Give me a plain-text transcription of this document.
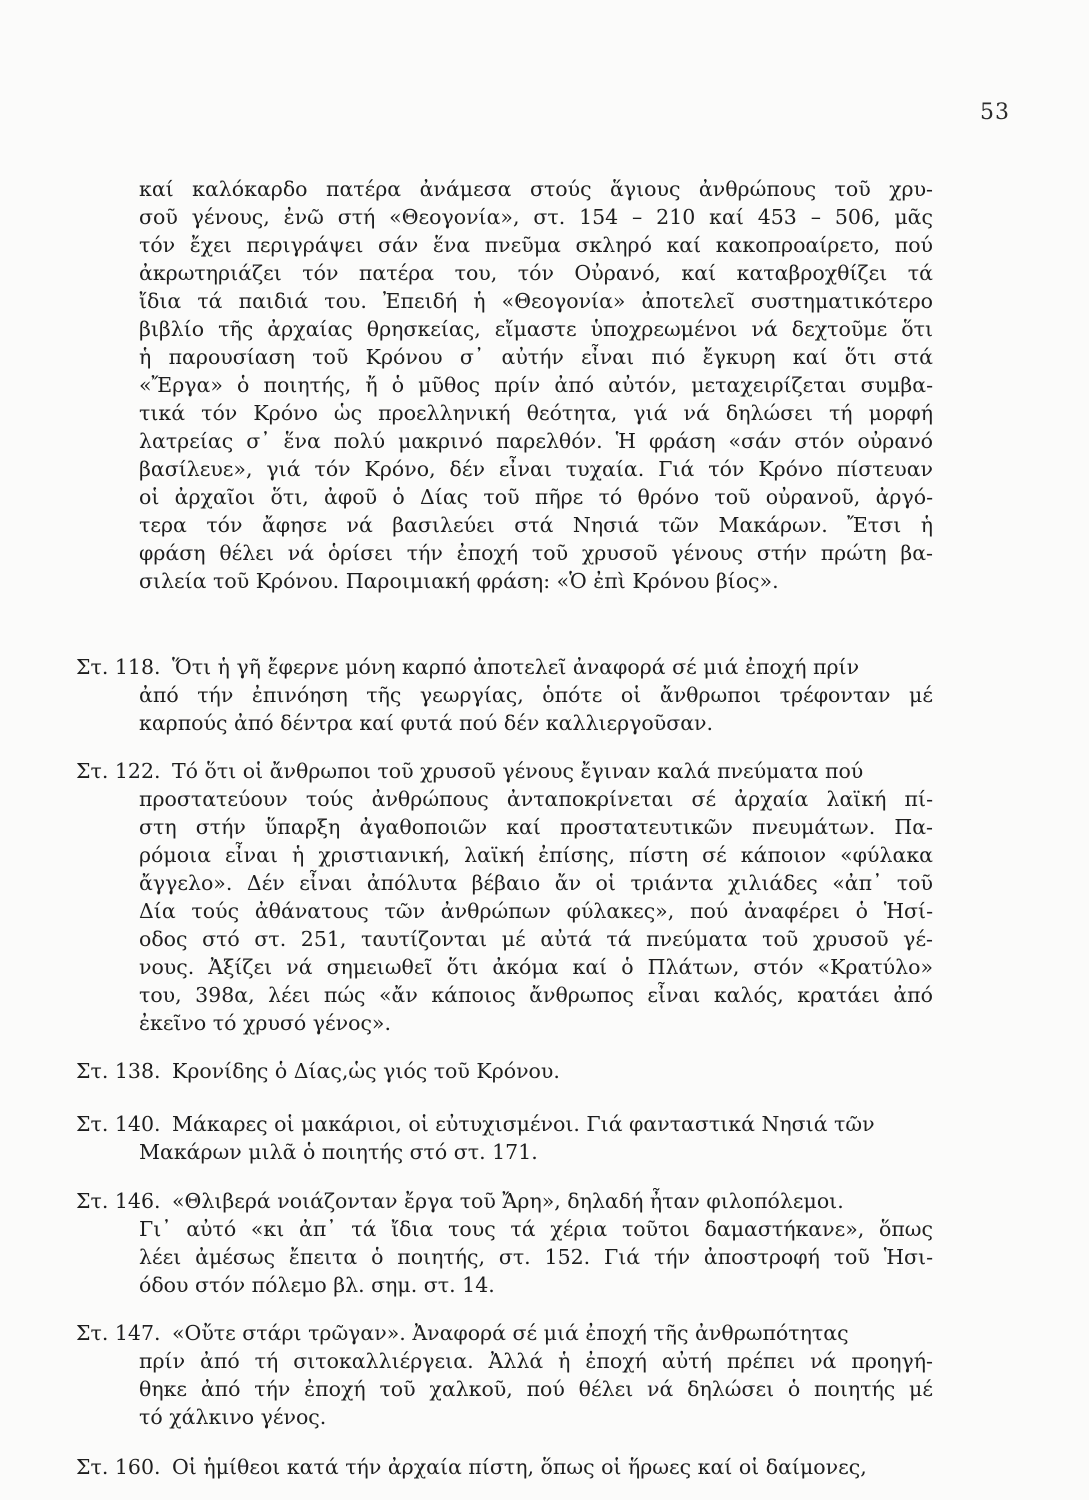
53
καί καλόκαρδο πατέρα ἀνάμεσα στούς ἅγιους ἀνθρώπους τοῦ χρυ-
σοῦ γένους, ἐνῶ στή «Θεογονία», στ. 154 – 210 καί 453 – 506, μᾶς
τόν ἔχει περιγράψει σάν ἕνα πνεῦμα σκληρό καί κακοπροαίρετο, πού
ἀκρωτηριάζει τόν πατέρα του, τόν Οὐρανό, καί καταβροχθίζει τά
ἴδια τά παιδιά του. Ἐπειδή ἡ «Θεογονία» ἀποτελεῖ συστηματικότερο
βιβλίο τῆς ἀρχαίας θρησκείας, εἴμαστε ὑποχρεωμένοι νά δεχτοῦμε ὅτι
ἡ παρουσίαση τοῦ Κρόνου σ᾽ αὐτήν εἶναι πιό ἔγκυρη καί ὅτι στά
«Ἔργα» ὁ ποιητής, ἤ ὁ μῦθος πρίν ἀπό αὐτόν, μεταχειρίζεται συμβα-
τικά τόν Κρόνο ὡς προελληνική θεότητα, γιά νά δηλώσει τή μορφή
λατρείας σ᾽ ἕνα πολύ μακρινό παρελθόν. Ἡ φράση «σάν στόν οὐρανό
βασίλευε», γιά τόν Κρόνο, δέν εἶναι τυχαία. Γιά τόν Κρόνο πίστευαν
οἱ ἀρχαῖοι ὅτι, ἀφοῦ ὁ Δίας τοῦ πῆρε τό θρόνο τοῦ οὐρανοῦ, ἀργό-
τερα τόν ἄφησε νά βασιλεύει στά Νησιά τῶν Μακάρων. Ἔτσι ἡ
φράση θέλει νά ὁρίσει τήν ἐποχή τοῦ χρυσοῦ γένους στήν πρώτη βα-
σιλεία τοῦ Κρόνου. Παροιμιακή φράση: «Ὁ ἐπὶ Κρόνου βίος».
Στ. 118. Ὅτι ἡ γῆ ἔφερνε μόνη καρπό ἀποτελεῖ ἀναφορά σέ μιά ἐποχή πρίν
ἀπό τήν ἐπινόηση τῆς γεωργίας, ὁπότε οἱ ἄνθρωποι τρέφονταν μέ
καρπούς ἀπό δέντρα καί φυτά πού δέν καλλιεργοῦσαν.
Στ. 122. Τό ὅτι οἱ ἄνθρωποι τοῦ χρυσοῦ γένους ἔγιναν καλά πνεύματα πού
προστατεύουν τούς ἀνθρώπους ἀνταποκρίνεται σέ ἀρχαία λαϊκή πί-
στη στήν ὕπαρξη ἀγαθοποιῶν καί προστατευτικῶν πνευμάτων. Πα-
ρόμοια εἶναι ἡ χριστιανική, λαϊκή ἐπίσης, πίστη σέ κάποιον «φύλακα
ἄγγελο». Δέν εἶναι ἀπόλυτα βέβαιο ἄν οἱ τριάντα χιλιάδες «ἀπ᾽ τοῦ
Δία τούς ἀθάνατους τῶν ἀνθρώπων φύλακες», πού ἀναφέρει ὁ Ἡσί-
οδος στό στ. 251, ταυτίζονται μέ αὐτά τά πνεύματα τοῦ χρυσοῦ γέ-
νους. Ἀξίζει νά σημειωθεῖ ὅτι ἀκόμα καί ὁ Πλάτων, στόν «Κρατύλο»
του, 398α, λέει πώς «ἄν κάποιος ἄνθρωπος εἶναι καλός, κρατάει ἀπό
ἐκεῖνο τό χρυσό γένος».
Στ. 138. Κρονίδης ὁ Δίας,ὡς γιός τοῦ Κρόνου.
Στ. 140. Μάκαρες οἱ μακάριοι, οἱ εὐτυχισμένοι. Γιά φανταστικά Νησιά τῶν
Μακάρων μιλᾶ ὁ ποιητής στό στ. 171.
Στ. 146. «Θλιβερά νοιάζονταν ἔργα τοῦ Ἄρη», δηλαδή ἦταν φιλοπόλεμοι.
Γι᾽ αὐτό «κι ἀπ᾽ τά ἴδια τους τά χέρια τοῦτοι δαμαστήκανε», ὅπως
λέει ἀμέσως ἔπειτα ὁ ποιητής, στ. 152. Γιά τήν ἀποστροφή τοῦ Ἡσι-
όδου στόν πόλεμο βλ. σημ. στ. 14.
Στ. 147. «Οὔτε στάρι τρῶγαν». Ἀναφορά σέ μιά ἐποχή τῆς ἀνθρωπότητας
πρίν ἀπό τή σιτοκαλλιέργεια. Ἀλλά ἡ ἐποχή αὐτή πρέπει νά προηγή-
θηκε ἀπό τήν ἐποχή τοῦ χαλκοῦ, πού θέλει νά δηλώσει ὁ ποιητής μέ
τό χάλκινο γένος.
Στ. 160. Οἱ ἡμίθεοι κατά τήν ἀρχαία πίστη, ὅπως οἱ ἥρωες καί οἱ δαίμονες,
